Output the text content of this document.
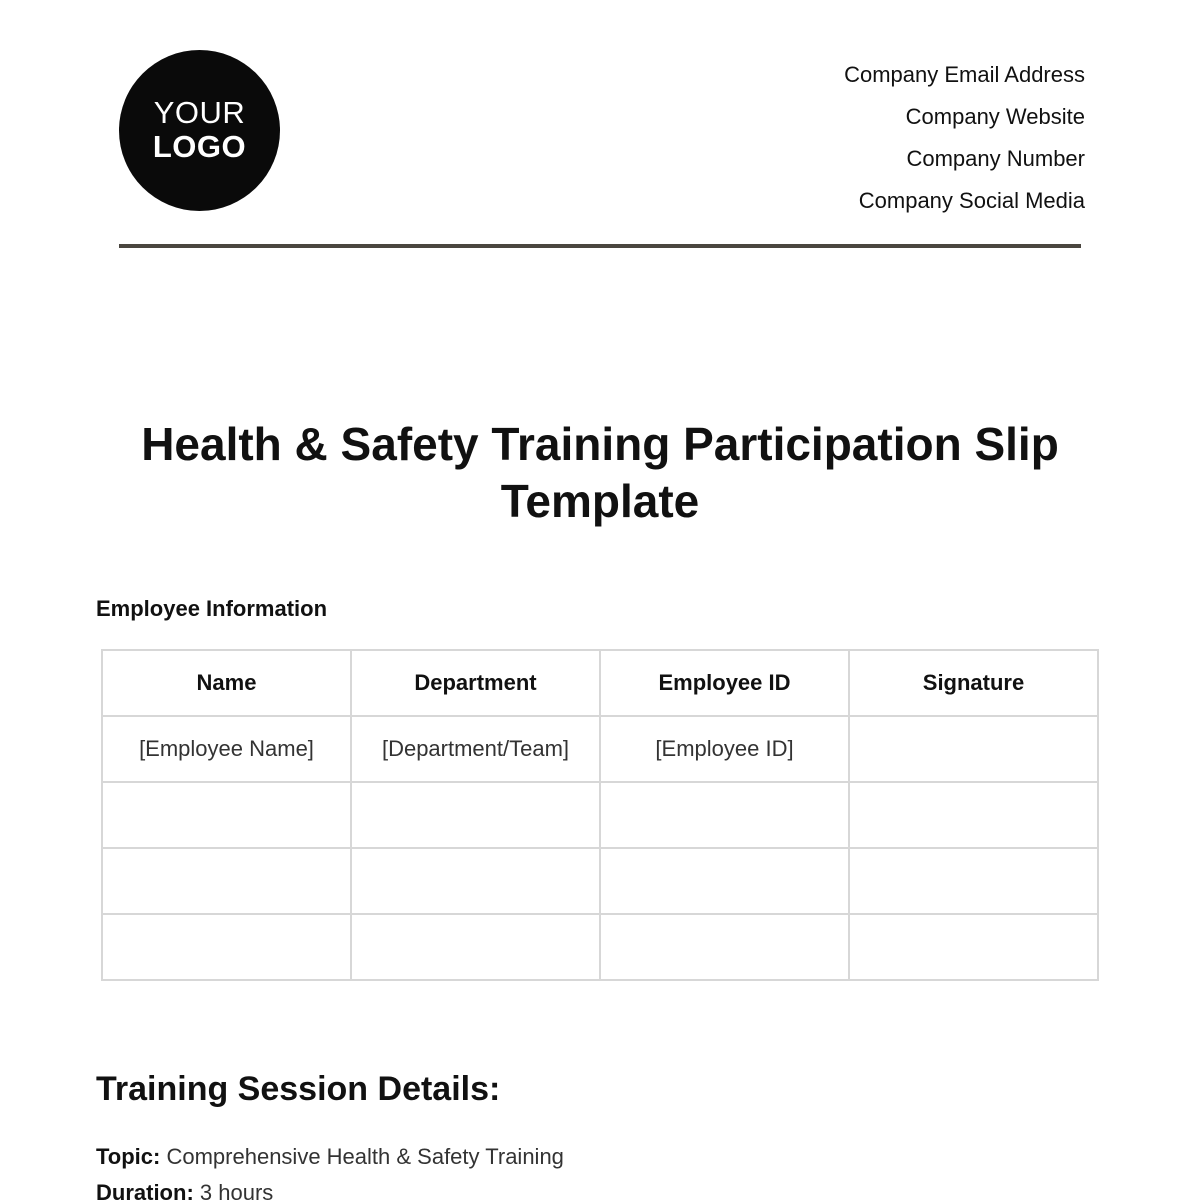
YOUR
LOGO
Company Email Address
Company Website
Company Number
Company Social Media
Health & Safety Training Participation Slip Template
Employee Information
Name	Department	Employee ID	Signature
[Employee Name]	[Department/Team]	[Employee ID]	

Training Session Details:

Topic: Comprehensive Health & Safety Training

Duration: 3 hours
